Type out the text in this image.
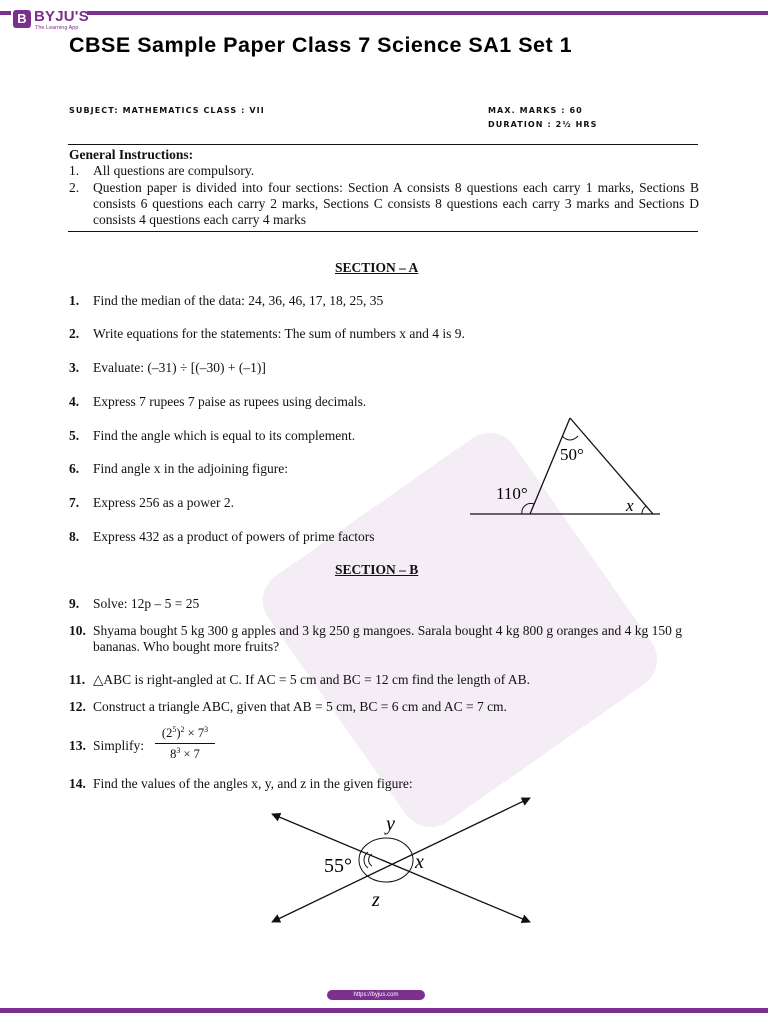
B BYJU'S
The Learning App
CBSE Sample Paper Class 7 Science SA1 Set 1
SUBJECT: MATHEMATICS CLASS : VII	MAX. MARKS : 60
DURATION : 2½ HRS
General Instructions:
1. All questions are compulsory.
2. Question paper is divided into four sections: Section A consists 8 questions each carry 1 marks, Sections B consists 6 questions each carry 2 marks, Sections C consists 8 questions each carry 3 marks and Sections D consists 4 questions each carry 4 marks
SECTION – A
1. Find the median of the data: 24, 36, 46, 17, 18, 25, 35
2. Write equations for the statements: The sum of numbers x and 4 is 9.
3. Evaluate: (–31) ÷ [(–30) + (–1)]
4. Express 7 rupees 7 paise as rupees using decimals.
5. Find the angle which is equal to its complement.
6. Find angle x in the adjoining figure:
7. Express 256 as a power 2.
8. Express 432 as a product of powers of prime factors
50°
110°
x
SECTION – B
9. Solve: 12p – 5 = 25
10. Shyama bought 5 kg 300 g apples and 3 kg 250 g mangoes. Sarala bought 4 kg 800 g oranges and 4 kg 150 g bananas. Who bought more fruits?
11. △ABC is right-angled at C. If AC = 5 cm and BC = 12 cm find the length of AB.
12. Construct a triangle ABC, given that AB = 5 cm, BC = 6 cm and AC = 7 cm.
13. Simplify: $\frac{(2^5)^2 \times 7^3}{8^3 \times 7}$
14. Find the values of the angles x, y, and z in the given figure:
y
x
z
55°
https://byjus.com
